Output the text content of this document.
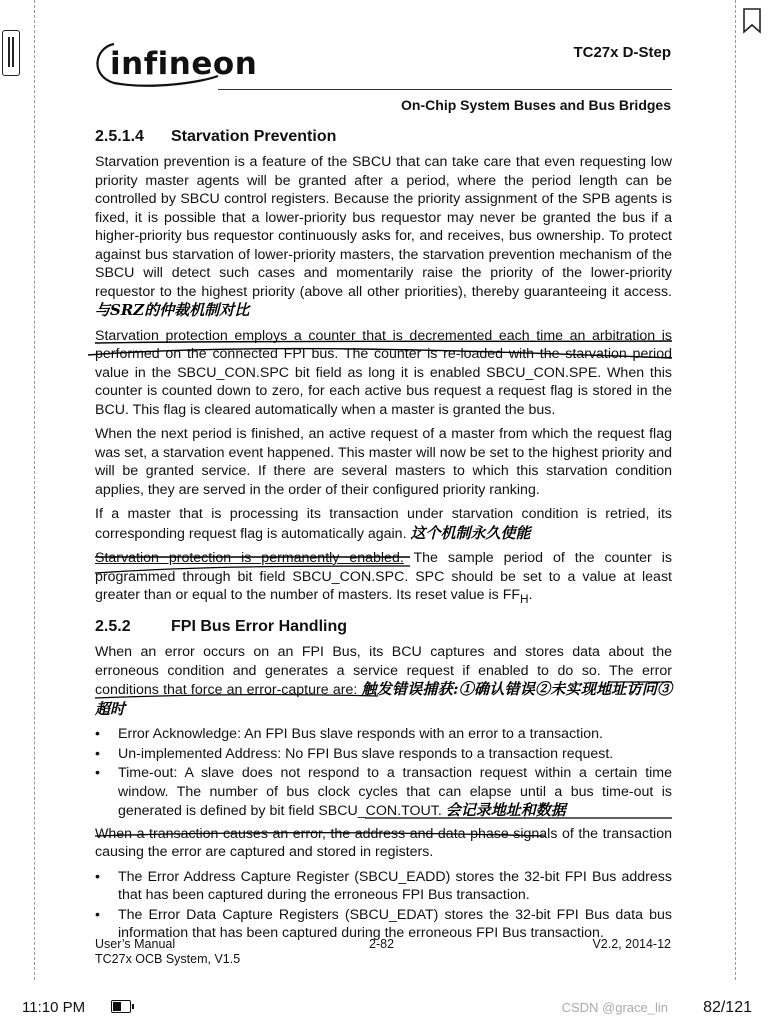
infineon	TC27x D-Step
On-Chip System Buses and Bus Bridges
2.5.1.4 Starvation Prevention

Starvation prevention is a feature of the SBCU that can take care that even requesting low priority master agents will be granted after a period, where the period length can be controlled by SBCU control registers. Because the priority assignment of the SPB agents is fixed, it is possible that a lower-priority bus requestor may never be granted the bus if a higher-priority bus requestor continuously asks for, and receives, bus ownership. To protect against bus starvation of lower-priority masters, the starvation prevention mechanism of the SBCU will detect such cases and momentarily raise the priority of the lower-priority requestor to the highest priority (above all other priorities), thereby guaranteeing it access. 与SRZ的仲裁机制对比

Starvation protection employs a counter that is decremented each time an arbitration is performed on the connected FPI bus. The counter is re-loaded with the starvation period value in the SBCU_CON.SPC bit field as long it is enabled SBCU_CON.SPE. When this counter is counted down to zero, for each active bus request a request flag is stored in the BCU. This flag is cleared automatically when a master is granted the bus.

When the next period is finished, an active request of a master from which the request flag was set, a starvation event happened. This master will now be set to the highest priority and will be granted service. If there are several masters to which this starvation condition applies, they are served in the order of their configured priority ranking.

If a master that is processing its transaction under starvation condition is retried, its corresponding request flag is automatically again. 这个机制永久使能

Starvation protection is permanently enabled. The sample period of the counter is programmed through bit field SBCU_CON.SPC. SPC should be set to a value at least greater than or equal to the number of masters. Its reset value is $FF_H$.

2.5.2	FPI Bus Error Handling

When an error occurs on an FPI Bus, its BCU captures and stores data about the erroneous condition and generates a service request if enabled to do so. The error conditions that force an error-capture are: 触发错误捕获:①确认错误②未实现地址访问③超时

• Error Acknowledge: An FPI Bus slave responds with an error to a transaction.
• Un-implemented Address: No FPI Bus slave responds to a transaction request.
• Time-out: A slave does not respond to a transaction request within a certain time window. The number of bus clock cycles that can elapse until a bus time-out is generated is defined by bit field SBCU_CON.TOUT. 会记录地址和数据

When a transaction causes an error, the address and data phase signals of the transaction causing the error are captured and stored in registers.

• The Error Address Capture Register (SBCU_EADD) stores the 32-bit FPI Bus address that has been captured during the erroneous FPI Bus transaction.
• The Error Data Capture Registers (SBCU_EDAT) stores the 32-bit FPI Bus data bus information that has been captured during the erroneous FPI Bus transaction.
User’s Manual
TC27x OCB System, V1.5
2-82	V2.2, 2014-12
11:10 PM	CSDN @grace_lin 82/121
